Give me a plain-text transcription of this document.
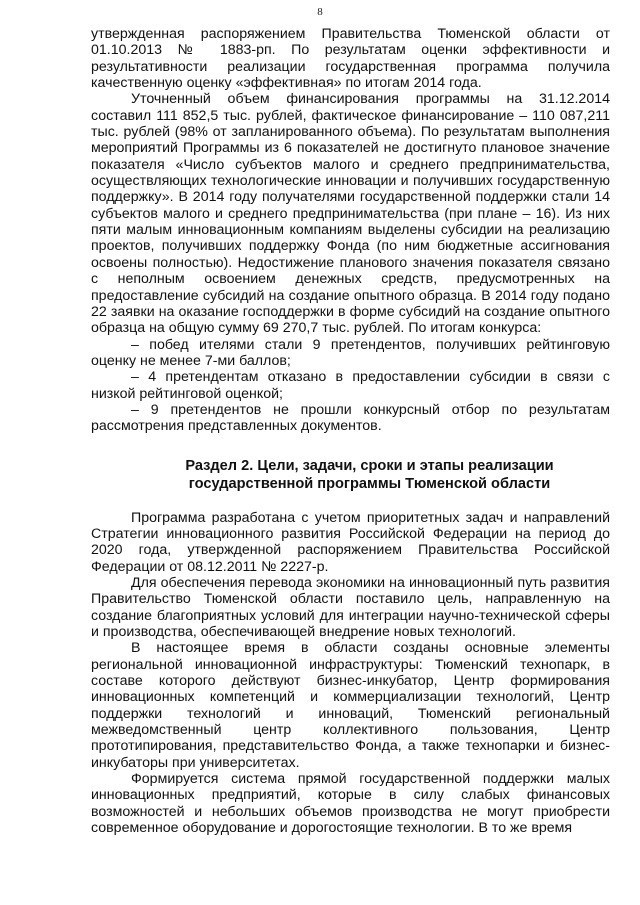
8

утвержденная распоряжением Правительства Тюменской области от 01.10.2013 № 1883-рп. По результатам оценки эффективности и результативности реализации государственная программа получила качественную оценку «эффективная» по итогам 2014 года.

Уточненный объем финансирования программы на 31.12.2014 составил 111 852,5 тыс. рублей, фактическое финансирование – 110 087,211 тыс. рублей (98% от запланированного объема). По результатам выполнения мероприятий Программы из 6 показателей не достигнуто плановое значение показателя «Число субъектов малого и среднего предпринимательства, осуществляющих технологические инновации и получивших государственную поддержку». В 2014 году получателями государственной поддержки стали 14 субъектов малого и среднего предпринимательства (при плане – 16). Из них пяти малым инновационным компаниям выделены субсидии на реализацию проектов, получивших поддержку Фонда (по ним бюджетные ассигнования освоены полностью). Недостижение планового значения показателя связано с неполным освоением денежных средств, предусмотренных на предоставление субсидий на создание опытного образца. В 2014 году подано 22 заявки на оказание господдержки в форме субсидий на создание опытного образца на общую сумму 69 270,7 тыс. рублей. По итогам конкурса:

– побед ителями стали 9 претендентов, получивших рейтинговую оценку не менее 7-ми баллов;

– 4 претендентам отказано в предоставлении субсидии в связи с низкой рейтинговой оценкой;

– 9 претендентов не прошли конкурсный отбор по результатам рассмотрения представленных документов.

Раздел 2. Цели, задачи, сроки и этапы реализации
государственной программы Тюменской области

Программа разработана с учетом приоритетных задач и направлений Стратегии инновационного развития Российской Федерации на период до 2020 года, утвержденной распоряжением Правительства Российской Федерации от 08.12.2011 № 2227-р.

Для обеспечения перевода экономики на инновационный путь развития Правительство Тюменской области поставило цель, направленную на создание благоприятных условий для интеграции научно-технической сферы и производства, обеспечивающей внедрение новых технологий.

В настоящее время в области созданы основные элементы региональной инновационной инфраструктуры: Тюменский технопарк, в составе которого действуют бизнес-инкубатор, Центр формирования инновационных компетенций и коммерциализации технологий, Центр поддержки технологий и инноваций, Тюменский региональный межведомственный центр коллективного пользования, Центр прототипирования, представительство Фонда, а также технопарки и бизнес-инкубаторы при университетах.

Формируется система прямой государственной поддержки малых инновационных предприятий, которые в силу слабых финансовых возможностей и небольших объемов производства не могут приобрести современное оборудование и дорогостоящие технологии. В то же время
